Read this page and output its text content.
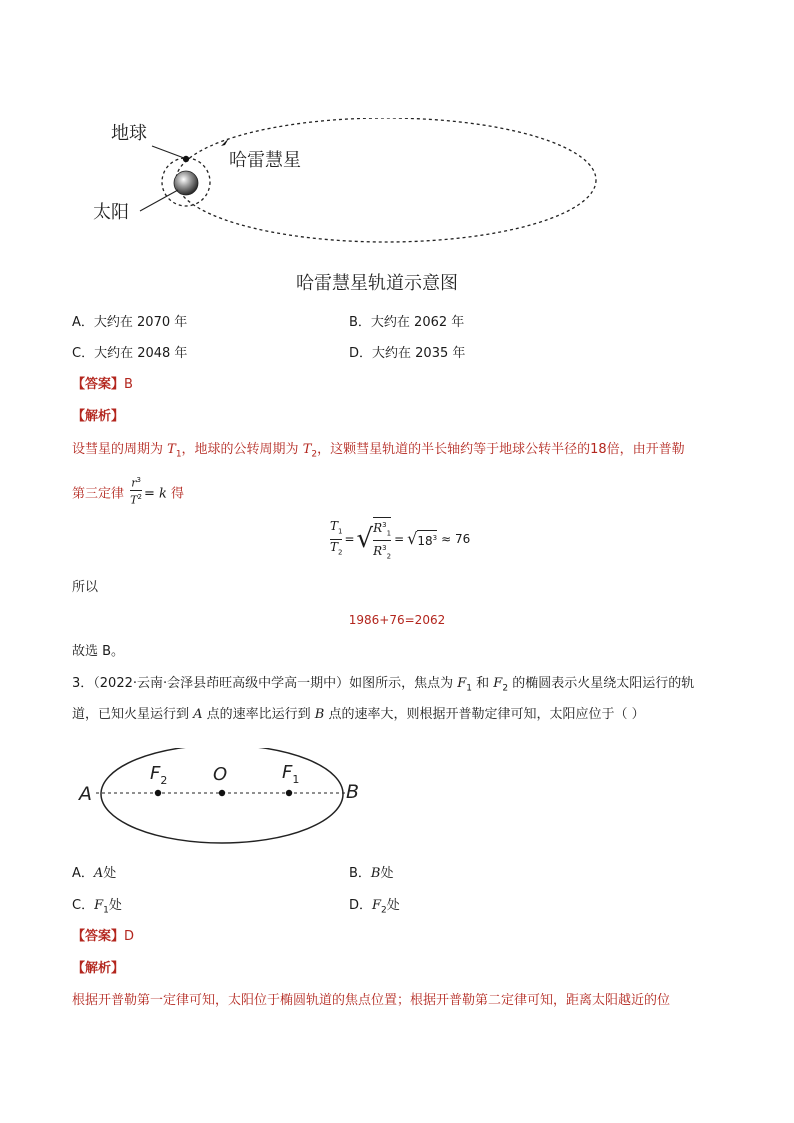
地球
太阳
哈雷慧星
哈雷慧星轨道示意图
A．大约在 2070 年	B．大约在 2062 年
C．大约在 2048 年	D．大约在 2035 年
【答案】B
【解析】
设彗星的周期为 $T_1$，地球的公转周期为 $T_2$，这颗彗星轨道的半长轴约等于地球公转半径的18倍，由开普勒
第三定律 $\frac{r^3}{T^2} = k$ 得
$\frac{T_1}{T_2}$ = √ $\frac{R^3_1}{R^3_2}$ = √ $18^3 \approx 76$
所以
1986+76=2062
故选 B。
3．（2022·云南·会泽县茚旺高级中学高一期中）如图所示，焦点为 $F_1$ 和 $F_2$ 的椭圆表示火星绕太阳运行的轨
道，已知火星运行到 A 点的速率比运行到 B 点的速率大，则根据开普勒定律可知，太阳应位于（ ）
A	B
O
$F_2$	$F_1$
A．A处	B．B处
C．$F_1$处	D．$F_2$处
【答案】D
【解析】
根据开普勒第一定律可知，太阳位于椭圆轨道的焦点位置；根据开普勒第二定律可知，距离太阳越近的位
